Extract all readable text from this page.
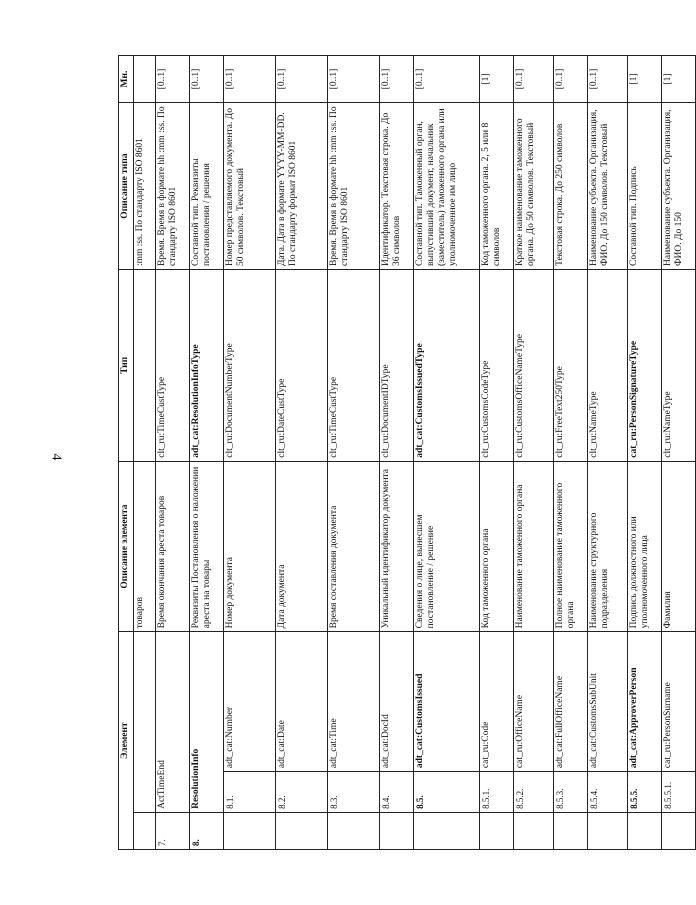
4
Элемент			Описание элемента	Тип	Описание типа	Мн.
			товаров		:mm :ss. По стандарту ISO 8601	
7.	ActTimeEnd		Время окончания ареста товаров	clt_ru:TimeCustType	Время. Время в формате hh :mm :ss. По стандарту ISO 8601	[0..1]
8.	ResolutionInfo		Реквизиты Постановления о наложении ареста на товары	adt_cat:ResolutionInfoType	Составной тип. Реквизиты постановления / решения	[0..1]
	8.1.	adt_cat:Number	Номер документа	clt_ru:DocumentNumberType	Номер представляемого документа. До 50 символов. Текстовый	[0..1]
	8.2.	adt_cat:Date	Дата документа	clt_ru:DateCustType	Дата. Дата в формате YYYY-MM-DD. По стандарту формат ISO 8601	[0..1]
	8.3.	adt_cat:Time	Время составления документа	clt_ru:TimeCustType	Время. Время в формате hh :mm :ss. По стандарту ISO 8601	[0..1]
	8.4.	adt_cat:DocId	Уникальный идентификатор документа	clt_ru:DocumentIDType	Идентификатор. Текстовая строка. До 36 символов	[0..1]
	8.5.	adt_cat:CustomsIssued	Сведения о лице, вынесшем постановление / решение	adt_cat:CustomsIssuedType	Составной тип. Таможенный орган, выпустивший документ, начальник (заместитель) таможенного органа или уполномоченное им лицо	[0..1]
	8.5.1.	cat_ru:Code	Код таможенного органа	clt_ru:CustomsCodeType	Код таможенного органа. 2, 5 или 8 символов	[1]
	8.5.2.	cat_ru:OfficeName	Наименование таможенного органа	clt_ru:CustomsOfficeNameType	Краткое наименование таможенного органа. До 50 символов. Текстовый	[0..1]
	8.5.3.	adt_cat:FullOfficeName	Полное наименование таможенного органа	clt_ru:FreeText250Type	Текстовая строка. До 250 символов	[0..1]
	8.5.4.	adt_cat:CustomsSubUnit	Наименование структурного подразделения	clt_ru:NameType	Наименование субъекта. Организация, ФИО. До 150 символов. Текстовый	[0..1]
	8.5.5.	adt_cat:ApproverPerson	Подпись должностного или уполномоченного лица	cat_ru:PersonSignatureType	Составной тип. Подпись	[1]
	8.5.5.1.	cat_ru:PersonSurname	Фамилия	clt_ru:NameType	Наименование субъекта. Организация, ФИО. До 150	[1]
